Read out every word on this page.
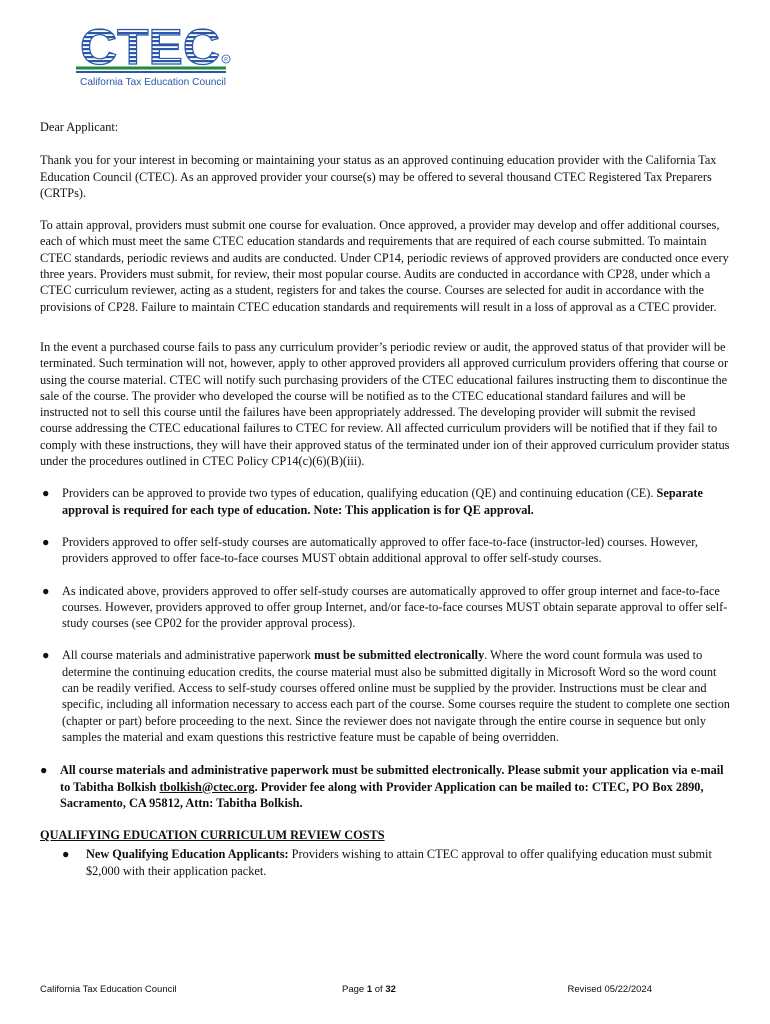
CTEC R
California Tax Education Council

Dear Applicant:

Thank you for your interest in becoming or maintaining your status as an approved continuing education provider with the California Tax Education Council (CTEC). As an approved provider your course(s) may be offered to several thousand CTEC Registered Tax Preparers (CRTPs).

To attain approval, providers must submit one course for evaluation. Once approved, a provider may develop and offer additional courses, each of which must meet the same CTEC education standards and requirements that are required of each course submitted. To maintain CTEC standards, periodic reviews and audits are conducted. Under CP14, periodic reviews of approved providers are conducted once every three years. Providers must submit, for review, their most popular course. Audits are conducted in accordance with CP28, under which a CTEC curriculum reviewer, acting as a student, registers for and takes the course. Courses are selected for audit in accordance with the provisions of CP28. Failure to maintain CTEC education standards and requirements will result in a loss of approval as a CTEC provider.

In the event a purchased course fails to pass any curriculum provider’s periodic review or audit, the approved status of that provider will be terminated. Such termination will not, however, apply to other approved providers all approved curriculum providers offering that course or using the course material. CTEC will notify such purchasing providers of the CTEC educational failures instructing them to discontinue the sale of the course. The provider who developed the course will be notified as to the CTEC educational standard failures and will be instructed not to sell this course until the failures have been appropriately addressed. The developing provider will submit the revised course addressing the CTEC educational failures to CTEC for review. All affected curriculum providers will be notified that if they fail to comply with these instructions, they will have their approved status of the terminated under ion of their approved curriculum provider status under the procedures outlined in CTEC Policy CP14(c)(6)(B)(iii).

● Providers can be approved to provide two types of education, qualifying education (QE) and continuing education (CE). Separate approval is required for each type of education. Note: This application is for QE approval.
● Providers approved to offer self-study courses are automatically approved to offer face-to-face (instructor-led) courses. However, providers approved to offer face-to-face courses MUST obtain additional approval to offer self-study courses.
● As indicated above, providers approved to offer self-study courses are automatically approved to offer group internet and face-to-face courses. However, providers approved to offer group Internet, and/or face-to-face courses MUST obtain separate approval to offer self-study courses (see CP02 for the provider approval process).
● All course materials and administrative paperwork must be submitted electronically. Where the word count formula was used to determine the continuing education credits, the course material must also be submitted digitally in Microsoft Word so the word count can be readily verified. Access to self-study courses offered online must be supplied by the provider. Instructions must be clear and specific, including all information necessary to access each part of the course. Some courses require the student to complete one section (chapter or part) before proceeding to the next. Since the reviewer does not navigate through the entire course in sequence but only samples the material and exam questions this restrictive feature must be capable of being overridden.
● All course materials and administrative paperwork must be submitted electronically. Please submit your application via e-mail to Tabitha Bolkish tbolkish@ctec.org. Provider fee along with Provider Application can be mailed to: CTEC, PO Box 2890, Sacramento, CA 95812, Attn: Tabitha Bolkish.

QUALIFYING EDUCATION CURRICULUM REVIEW COSTS

● New Qualifying Education Applicants: Providers wishing to attain CTEC approval to offer qualifying education must submit $2,000 with their application packet.
California Tax Education Council	Page 1 of 32	Revised 05/22/2024
